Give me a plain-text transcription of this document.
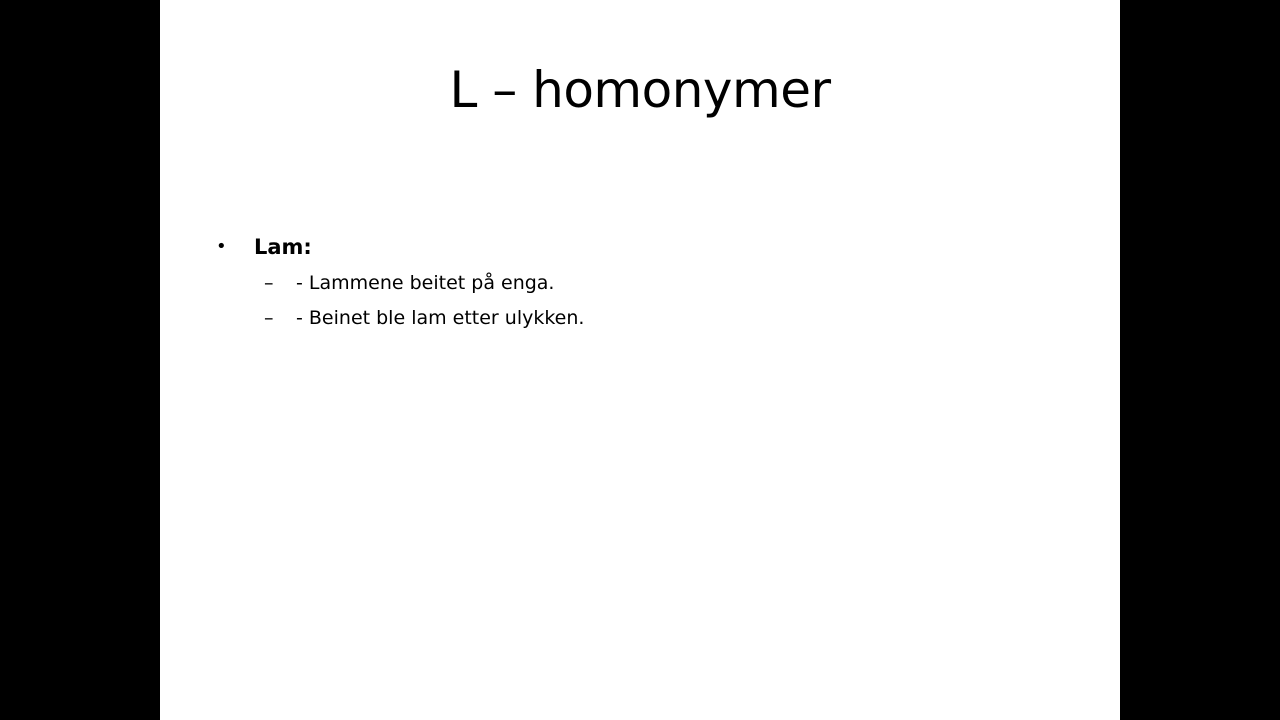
L – homonymer
• Lam:
– - Lammene beitet på enga.
– - Beinet ble lam etter ulykken.
